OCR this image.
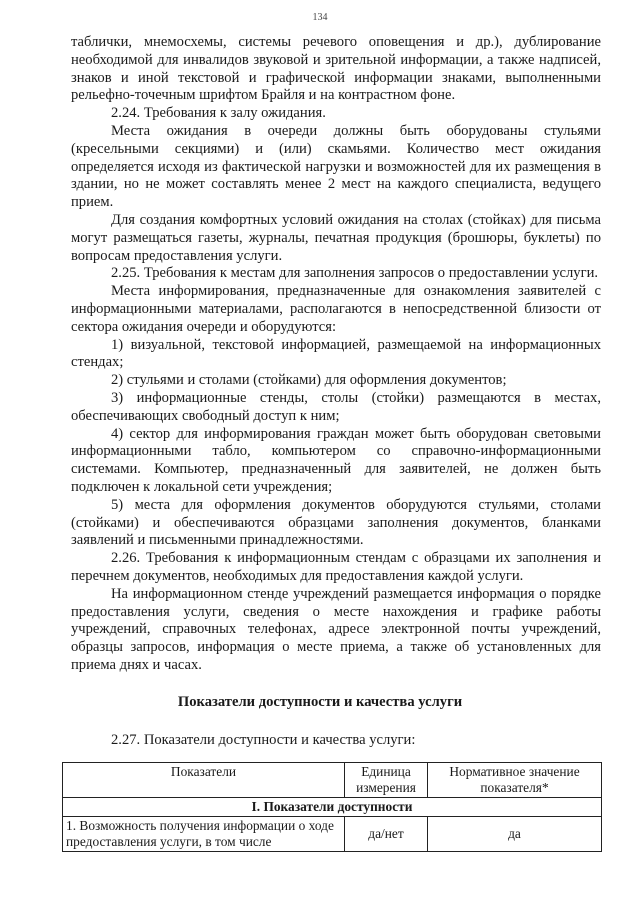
134

таблички, мнемосхемы, системы речевого оповещения и др.), дублирование необходимой для инвалидов звуковой и зрительной информации, а также надписей, знаков и иной текстовой и графической информации знаками, выполненными рельефно-точечным шрифтом Брайля и на контрастном фоне.

2.24. Требования к залу ожидания.

Места ожидания в очереди должны быть оборудованы стульями (кресельными секциями) и (или) скамьями. Количество мест ожидания определяется исходя из фактической нагрузки и возможностей для их размещения в здании, но не может составлять менее 2 мест на каждого специалиста, ведущего прием.

Для создания комфортных условий ожидания на столах (стойках) для письма могут размещаться газеты, журналы, печатная продукция (брошюры, буклеты) по вопросам предоставления услуги.

2.25. Требования к местам для заполнения запросов о предоставлении услуги.

Места информирования, предназначенные для ознакомления заявителей с информационными материалами, располагаются в непосредственной близости от сектора ожидания очереди и оборудуются:

1) визуальной, текстовой информацией, размещаемой на информационных стендах;

2) стульями и столами (стойками) для оформления документов;

3) информационные стенды, столы (стойки) размещаются в местах, обеспечивающих свободный доступ к ним;

4) сектор для информирования граждан может быть оборудован световыми информационными табло, компьютером со справочно-информационными системами. Компьютер, предназначенный для заявителей, не должен быть подключен к локальной сети учреждения;

5) места для оформления документов оборудуются стульями, столами (стойками) и обеспечиваются образцами заполнения документов, бланками заявлений и письменными принадлежностями.

2.26. Требования к информационным стендам с образцами их заполнения и перечнем документов, необходимых для предоставления каждой услуги.

На информационном стенде учреждений размещается информация о порядке предоставления услуги, сведения о месте нахождения и графике работы учреждений, справочных телефонах, адресе электронной почты учреждений, образцы запросов, информация о месте приема, а также об установленных для приема днях и часах.

Показатели доступности и качества услуги
2.27. Показатели доступности и качества услуги:
Показатели	Единица измерения	Нормативное значение показателя*
I. Показатели доступности		
1. Возможность получения информации о ходе предоставления услуги, в том числе	да/нет	да
